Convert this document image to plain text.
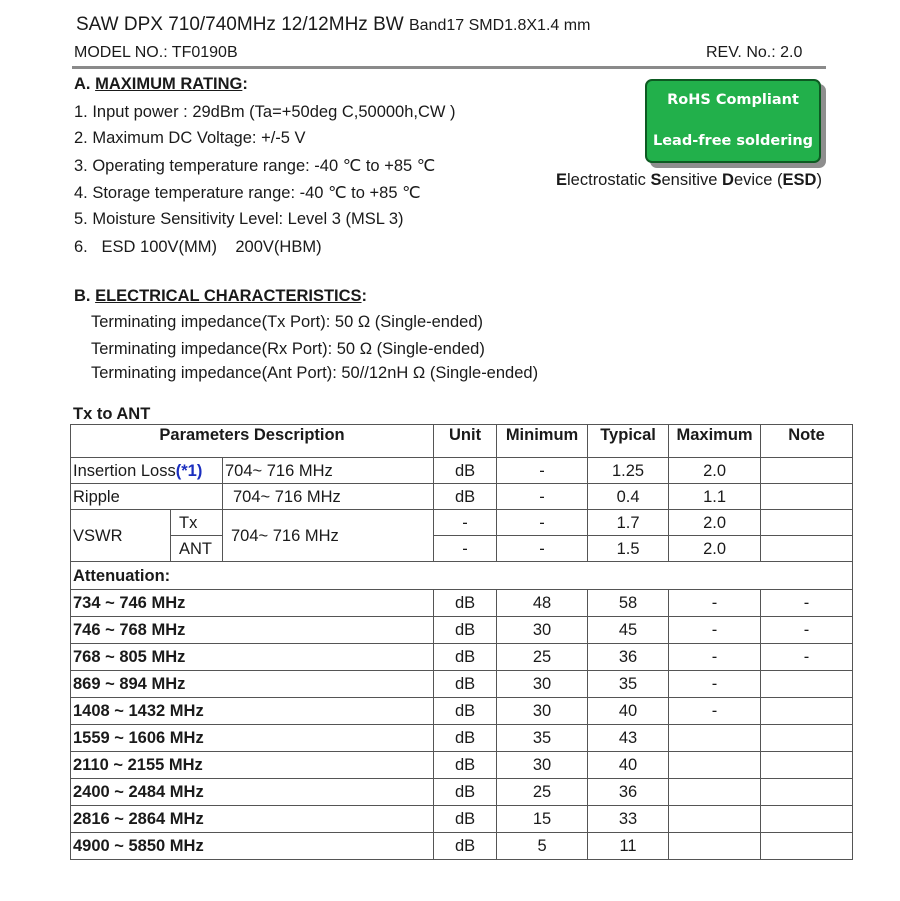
SAW DPX 710/740MHz 12/12MHz BW Band17 SMD1.8X1.4 mm
MODEL NO.: TF0190B	REV. No.: 2.0
A. MAXIMUM RATING:
1. Input power : 29dBm (Ta=+50deg C,50000h,CW )
2. Maximum DC Voltage: +/-5 V
3. Operating temperature range: -40 ℃ to +85 ℃
4. Storage temperature range: -40 ℃ to +85 ℃
5. Moisture Sensitivity Level: Level 3 (MSL 3)
6.   ESD 100V(MM)    200V(HBM)
RoHS Compliant
Lead-free soldering
Electrostatic Sensitive Device (ESD)
B. ELECTRICAL CHARACTERISTICS:
Terminating impedance(Tx Port): 50 Ω (Single-ended)
Terminating impedance(Rx Port): 50 Ω (Single-ended)
Terminating impedance(Ant Port): 50//12nH Ω (Single-ended)
Tx to ANT
Parameters Description			Unit	Minimum	Typical	Maximum	Note
Insertion Loss(*1)		704~ 716 MHz	dB	-	1.25	2.0	
Ripple		704~ 716 MHz	dB	-	0.4	1.1	
VSWR	Tx	704~ 716 MHz	-	-	1.7	2.0	
	ANT		-	-	1.5	2.0	
Attenuation:							
734 ~ 746 MHz			dB	48	58	-	-
746 ~ 768 MHz			dB	30	45	-	-
768 ~ 805 MHz			dB	25	36	-	-
869 ~ 894 MHz			dB	30	35	-	
1408 ~ 1432 MHz			dB	30	40	-	
1559 ~ 1606 MHz			dB	35	43		
2110 ~ 2155 MHz			dB	30	40		
2400 ~ 2484 MHz			dB	25	36		
2816 ~ 2864 MHz			dB	15	33		
4900 ~ 5850 MHz			dB	5	11		
